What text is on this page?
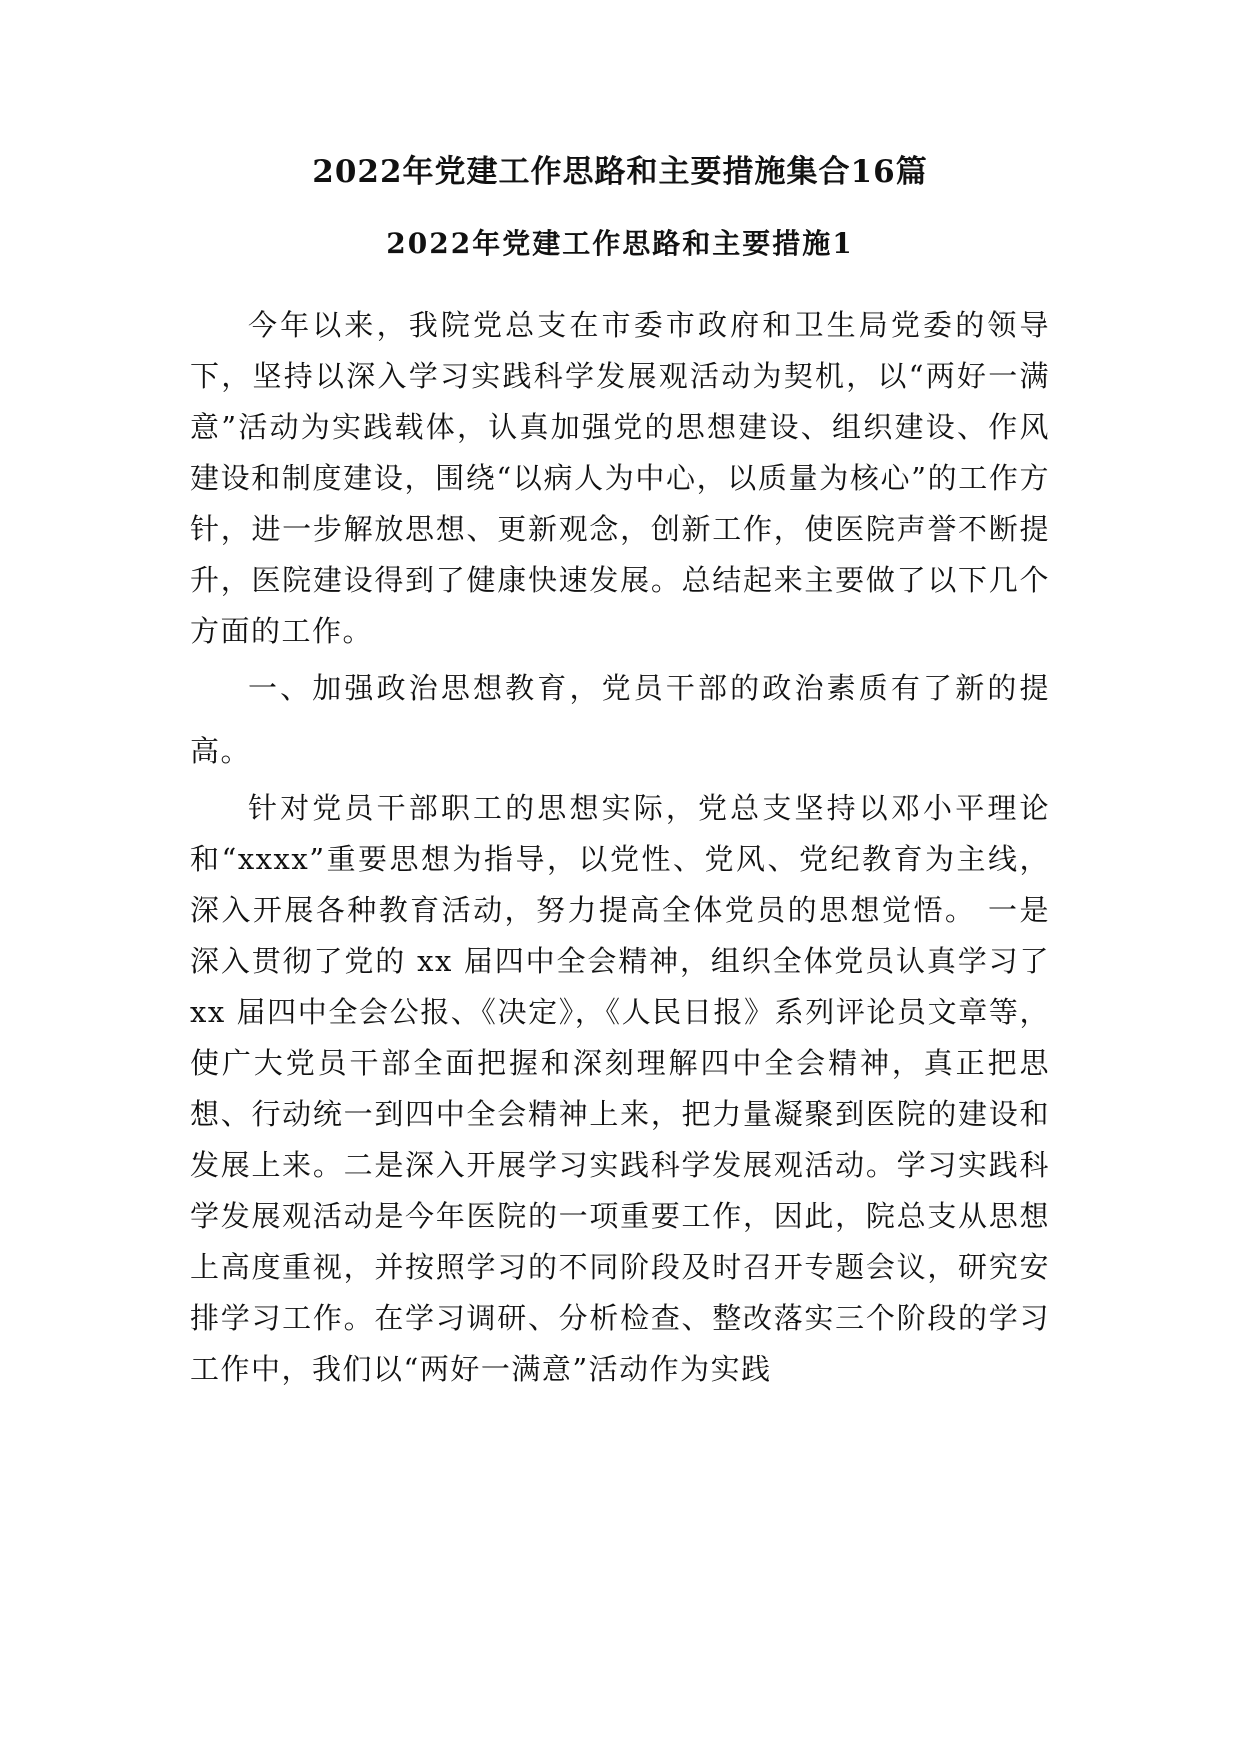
2022年党建工作思路和主要措施集合16篇
2022年党建工作思路和主要措施1

今年以来，我院党总支在市委市政府和卫生局党委的领导下，坚持以深入学习实践科学发展观活动为契机，以“两好一满意”活动为实践载体，认真加强党的思想建设、组织建设、作风建设和制度建设，围绕“以病人为中心，以质量为核心”的工作方针，进一步解放思想、更新观念，创新工作，使医院声誉不断提升，医院建设得到了健康快速发展。总结起来主要做了以下几个方面的工作。

一、加强政治思想教育，党员干部的政治素质有了新的提高。

针对党员干部职工的思想实际，党总支坚持以邓小平理论和“xxxx”重要思想为指导，以党性、党风、党纪教育为主线，深入开展各种教育活动，努力提高全体党员的思想觉悟。 一是深入贯彻了党的 xx 届四中全会精神，组织全体党员认真学习了 xx 届四中全会公报、《决定》，《人民日报》系列评论员文章等，使广大党员干部全面把握和深刻理解四中全会精神，真正把思想、行动统一到四中全会精神上来，把力量凝聚到医院的建设和发展上来。二是深入开展学习实践科学发展观活动。学习实践科学发展观活动是今年医院的一项重要工作，因此，院总支从思想上高度重视，并按照学习的不同阶段及时召开专题会议，研究安排学习工作。在学习调研、分析检查、整改落实三个阶段的学习工作中，我们以“两好一满意”活动作为实践
